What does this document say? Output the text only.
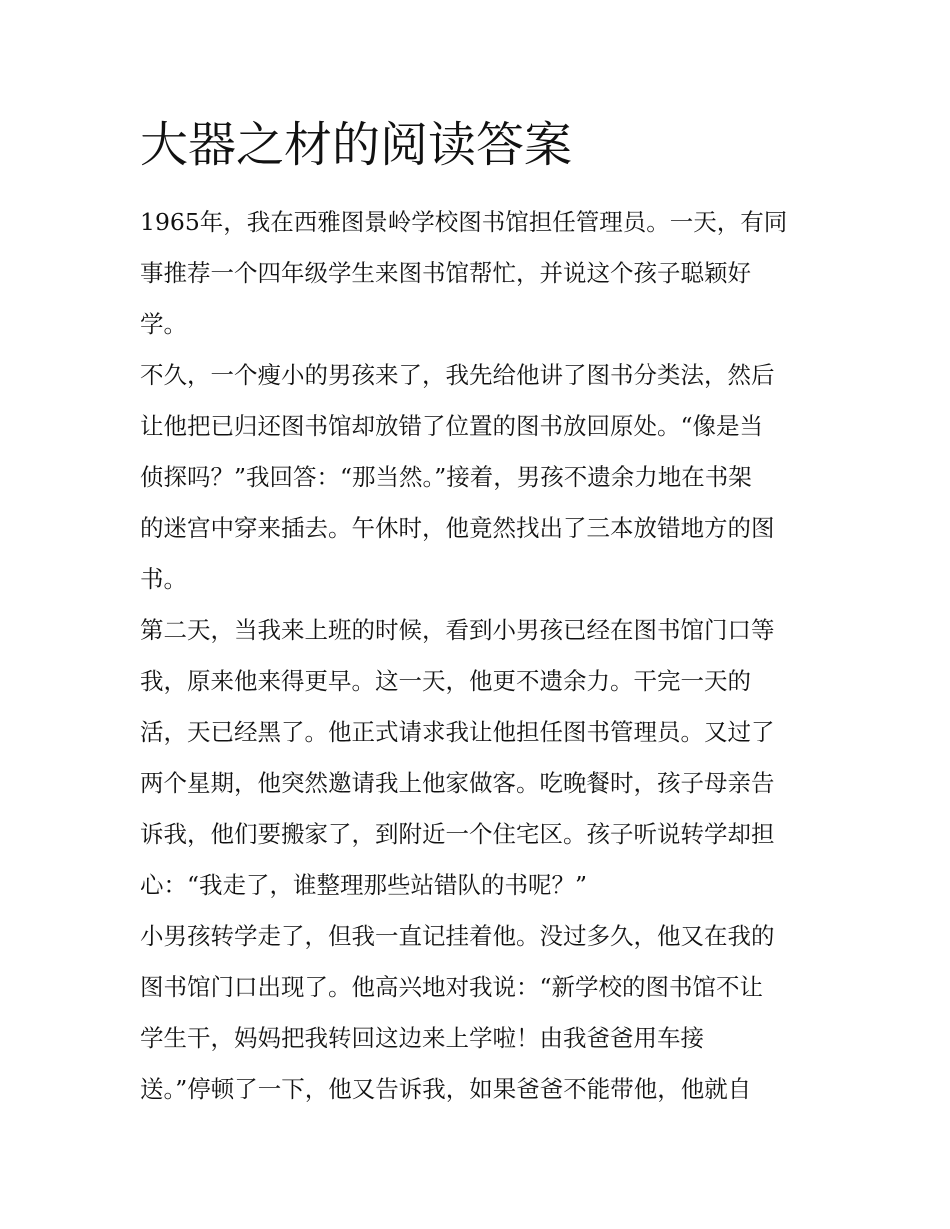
大器之材的阅读答案
1965年，我在西雅图景岭学校图书馆担任管理员。一天，有同
事推荐一个四年级学生来图书馆帮忙，并说这个孩子聪颖好
学。
不久，一个瘦小的男孩来了，我先给他讲了图书分类法，然后
让他把已归还图书馆却放错了位置的图书放回原处。“像是当
侦探吗？”我回答：“那当然。”接着，男孩不遗余力地在书架
的迷宫中穿来插去。午休时，他竟然找出了三本放错地方的图
书。
第二天，当我来上班的时候，看到小男孩已经在图书馆门口等
我，原来他来得更早。这一天，他更不遗余力。干完一天的
活，天已经黑了。他正式请求我让他担任图书管理员。又过了
两个星期，他突然邀请我上他家做客。吃晚餐时，孩子母亲告
诉我，他们要搬家了，到附近一个住宅区。孩子听说转学却担
心：“我走了，谁整理那些站错队的书呢？”
小男孩转学走了，但我一直记挂着他。没过多久，他又在我的
图书馆门口出现了。他高兴地对我说：“新学校的图书馆不让
学生干，妈妈把我转回这边来上学啦！由我爸爸用车接
送。”停顿了一下，他又告诉我，如果爸爸不能带他，他就自
